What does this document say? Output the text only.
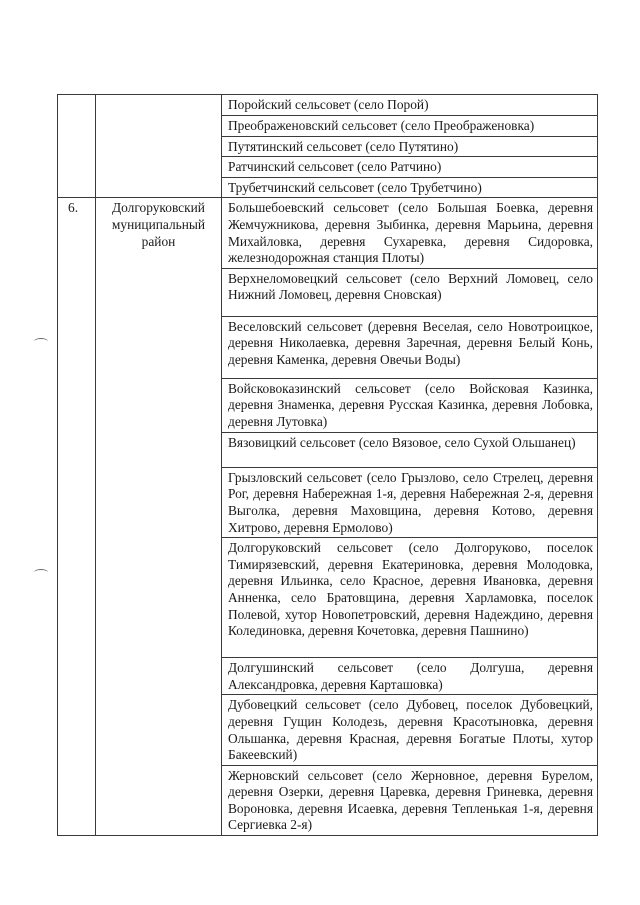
		Поройский сельсовет (село Порой)
		Преображеновский сельсовет (село Преображеновка)
		Путятинский сельсовет (село Путятино)
		Ратчинский сельсовет (село Ратчино)
		Трубетчинский сельсовет (село Трубетчино)
6.	Долгоруковский муниципальный район	Большебоевский сельсовет (село Большая Боевка, деревня Жемчужникова, деревня Зыбинка, деревня Марьина, деревня Михайловка, деревня Сухаревка, деревня Сидоровка, железнодорожная станция Плоты)
		Верхнеломовецкий сельсовет (село Верхний Ломовец, село Нижний Ломовец, деревня Сновская)
		Веселовский сельсовет (деревня Веселая, село Новотроицкое, деревня Николаевка, деревня Заречная, деревня Белый Конь, деревня Каменка, деревня Овечьи Воды)
		Войсковоказинский сельсовет (село Войсковая Казинка, деревня Знаменка, деревня Русская Казинка, деревня Лобовка, деревня Лутовка)
		Вязовицкий сельсовет (село Вязовое, село Сухой Ольшанец)
		Грызловский сельсовет (село Грызлово, село Стрелец, деревня Рог, деревня Набережная 1-я, деревня Набережная 2-я, деревня Выголка, деревня Маховщина, деревня Котово, деревня Хитрово, деревня Ермолово)
		Долгоруковский сельсовет (село Долгоруково, поселок Тимирязевский, деревня Екатериновка, деревня Молодовка, деревня Ильинка, село Красное, деревня Ивановка, деревня Анненка, село Братовщина, деревня Харламовка, поселок Полевой, хутор Новопетровский, деревня Надеждино, деревня Колединовка, деревня Кочетовка, деревня Пашнино)
		Долгушинский сельсовет (село Долгуша, деревня Александровка, деревня Карташовка)
		Дубовецкий сельсовет (село Дубовец, поселок Дубовецкий, деревня Гущин Колодезь, деревня Красотыновка, деревня Ольшанка, деревня Красная, деревня Богатые Плоты, хутор Бакеевский)
		Жерновский сельсовет (село Жерновное, деревня Бурелом, деревня Озерки, деревня Царевка, деревня Гриневка, деревня Вороновка, деревня Исаевка, деревня Тепленькая 1-я, деревня Сергиевка 2-я)
